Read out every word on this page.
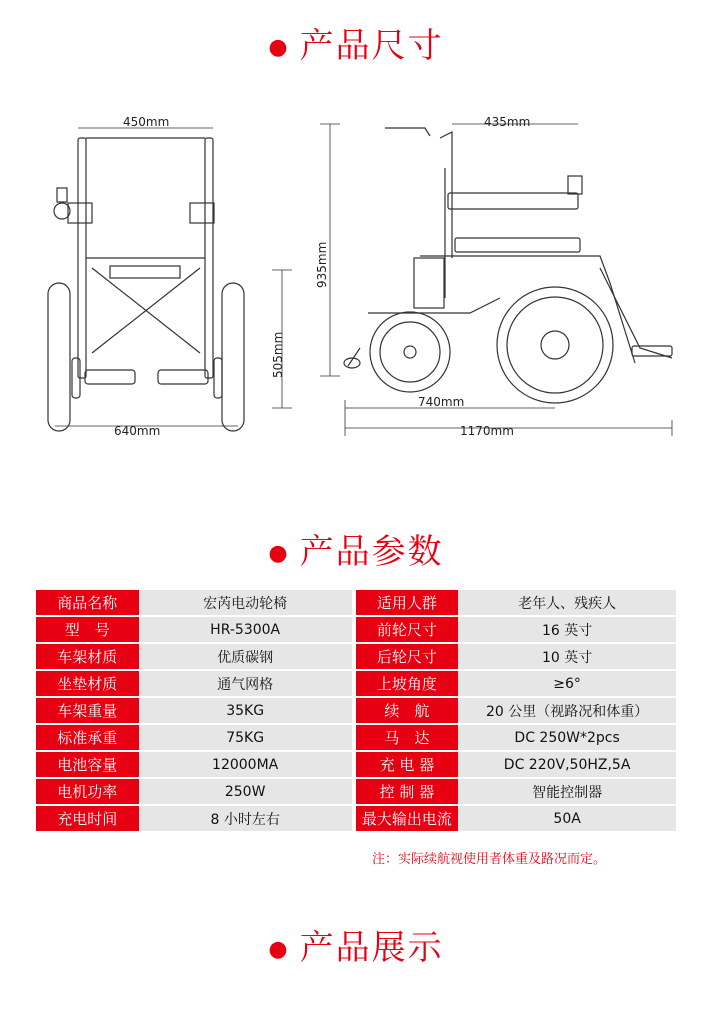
● 产品尺寸
450mm
640mm
505mm
935mm
435mm
740mm
1170mm
● 产品参数
商品名称	宏芮电动轮椅		适用人群	老年人、残疾人
型　号	HR-5300A		前轮尺寸	16 英寸
车架材质	优质碳钢		后轮尺寸	10 英寸
坐垫材质	通气网格		上坡角度	≥6°
车架重量	35KG		续　航	20 公里（视路况和体重）
标准承重	75KG		马　达	DC 250W*2pcs
电池容量	12000MA		充 电 器	DC 220V,50HZ,5A
电机功率	250W		控 制 器	智能控制器
充电时间	8 小时左右		最大输出电流	50A
注：实际续航视使用者体重及路况而定。
● 产品展示
